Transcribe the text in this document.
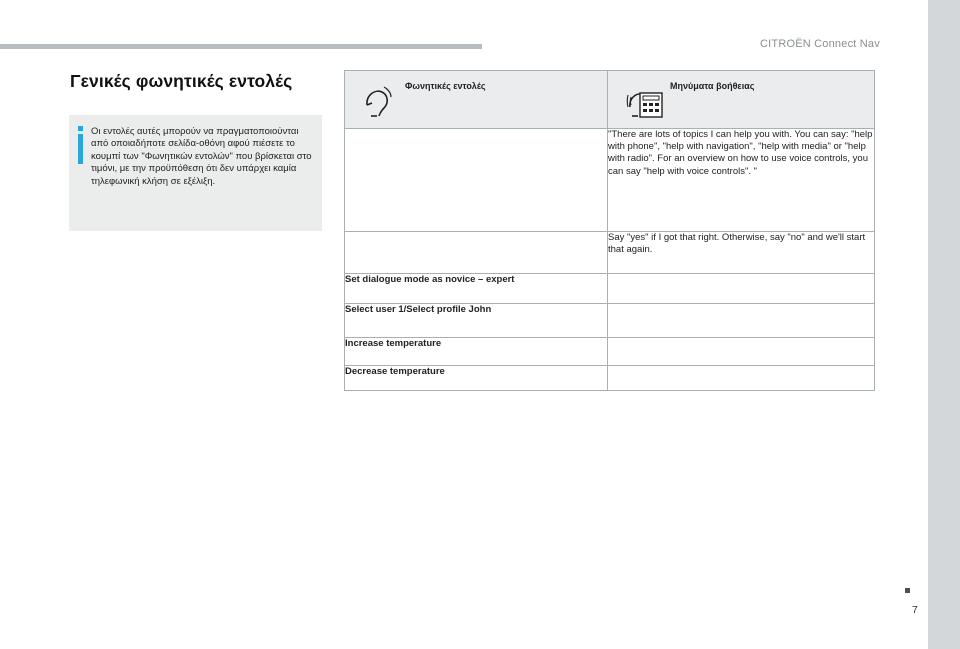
CITROËN Connect Nav
Γενικές φωνητικές εντολές
Οι εντολές αυτές μπορούν να πραγματοποιούνται από οποιαδήποτε σελίδα-οθόνη αφού πιέσετε το κουμπί των "Φωνητικών εντολών" που βρίσκεται στο τιμόνι, με την προϋπόθεση ότι δεν υπάρχει καμία τηλεφωνική κλήση σε εξέλιξη.
Φωνητικές εντολές	Μηνύματα βοήθειας

	"There are lots of topics I can help you with. You can say: "help with phone", "help with navigation", "help with media" or "help with radio". For an overview on how to use voice controls, you can say "help with voice controls". "
	Say "yes" if I got that right. Otherwise, say "no" and we'll start that again.
Set dialogue mode as novice – expert	
Select user 1/Select profile John	
Increase temperature	
Decrease temperature	
7
